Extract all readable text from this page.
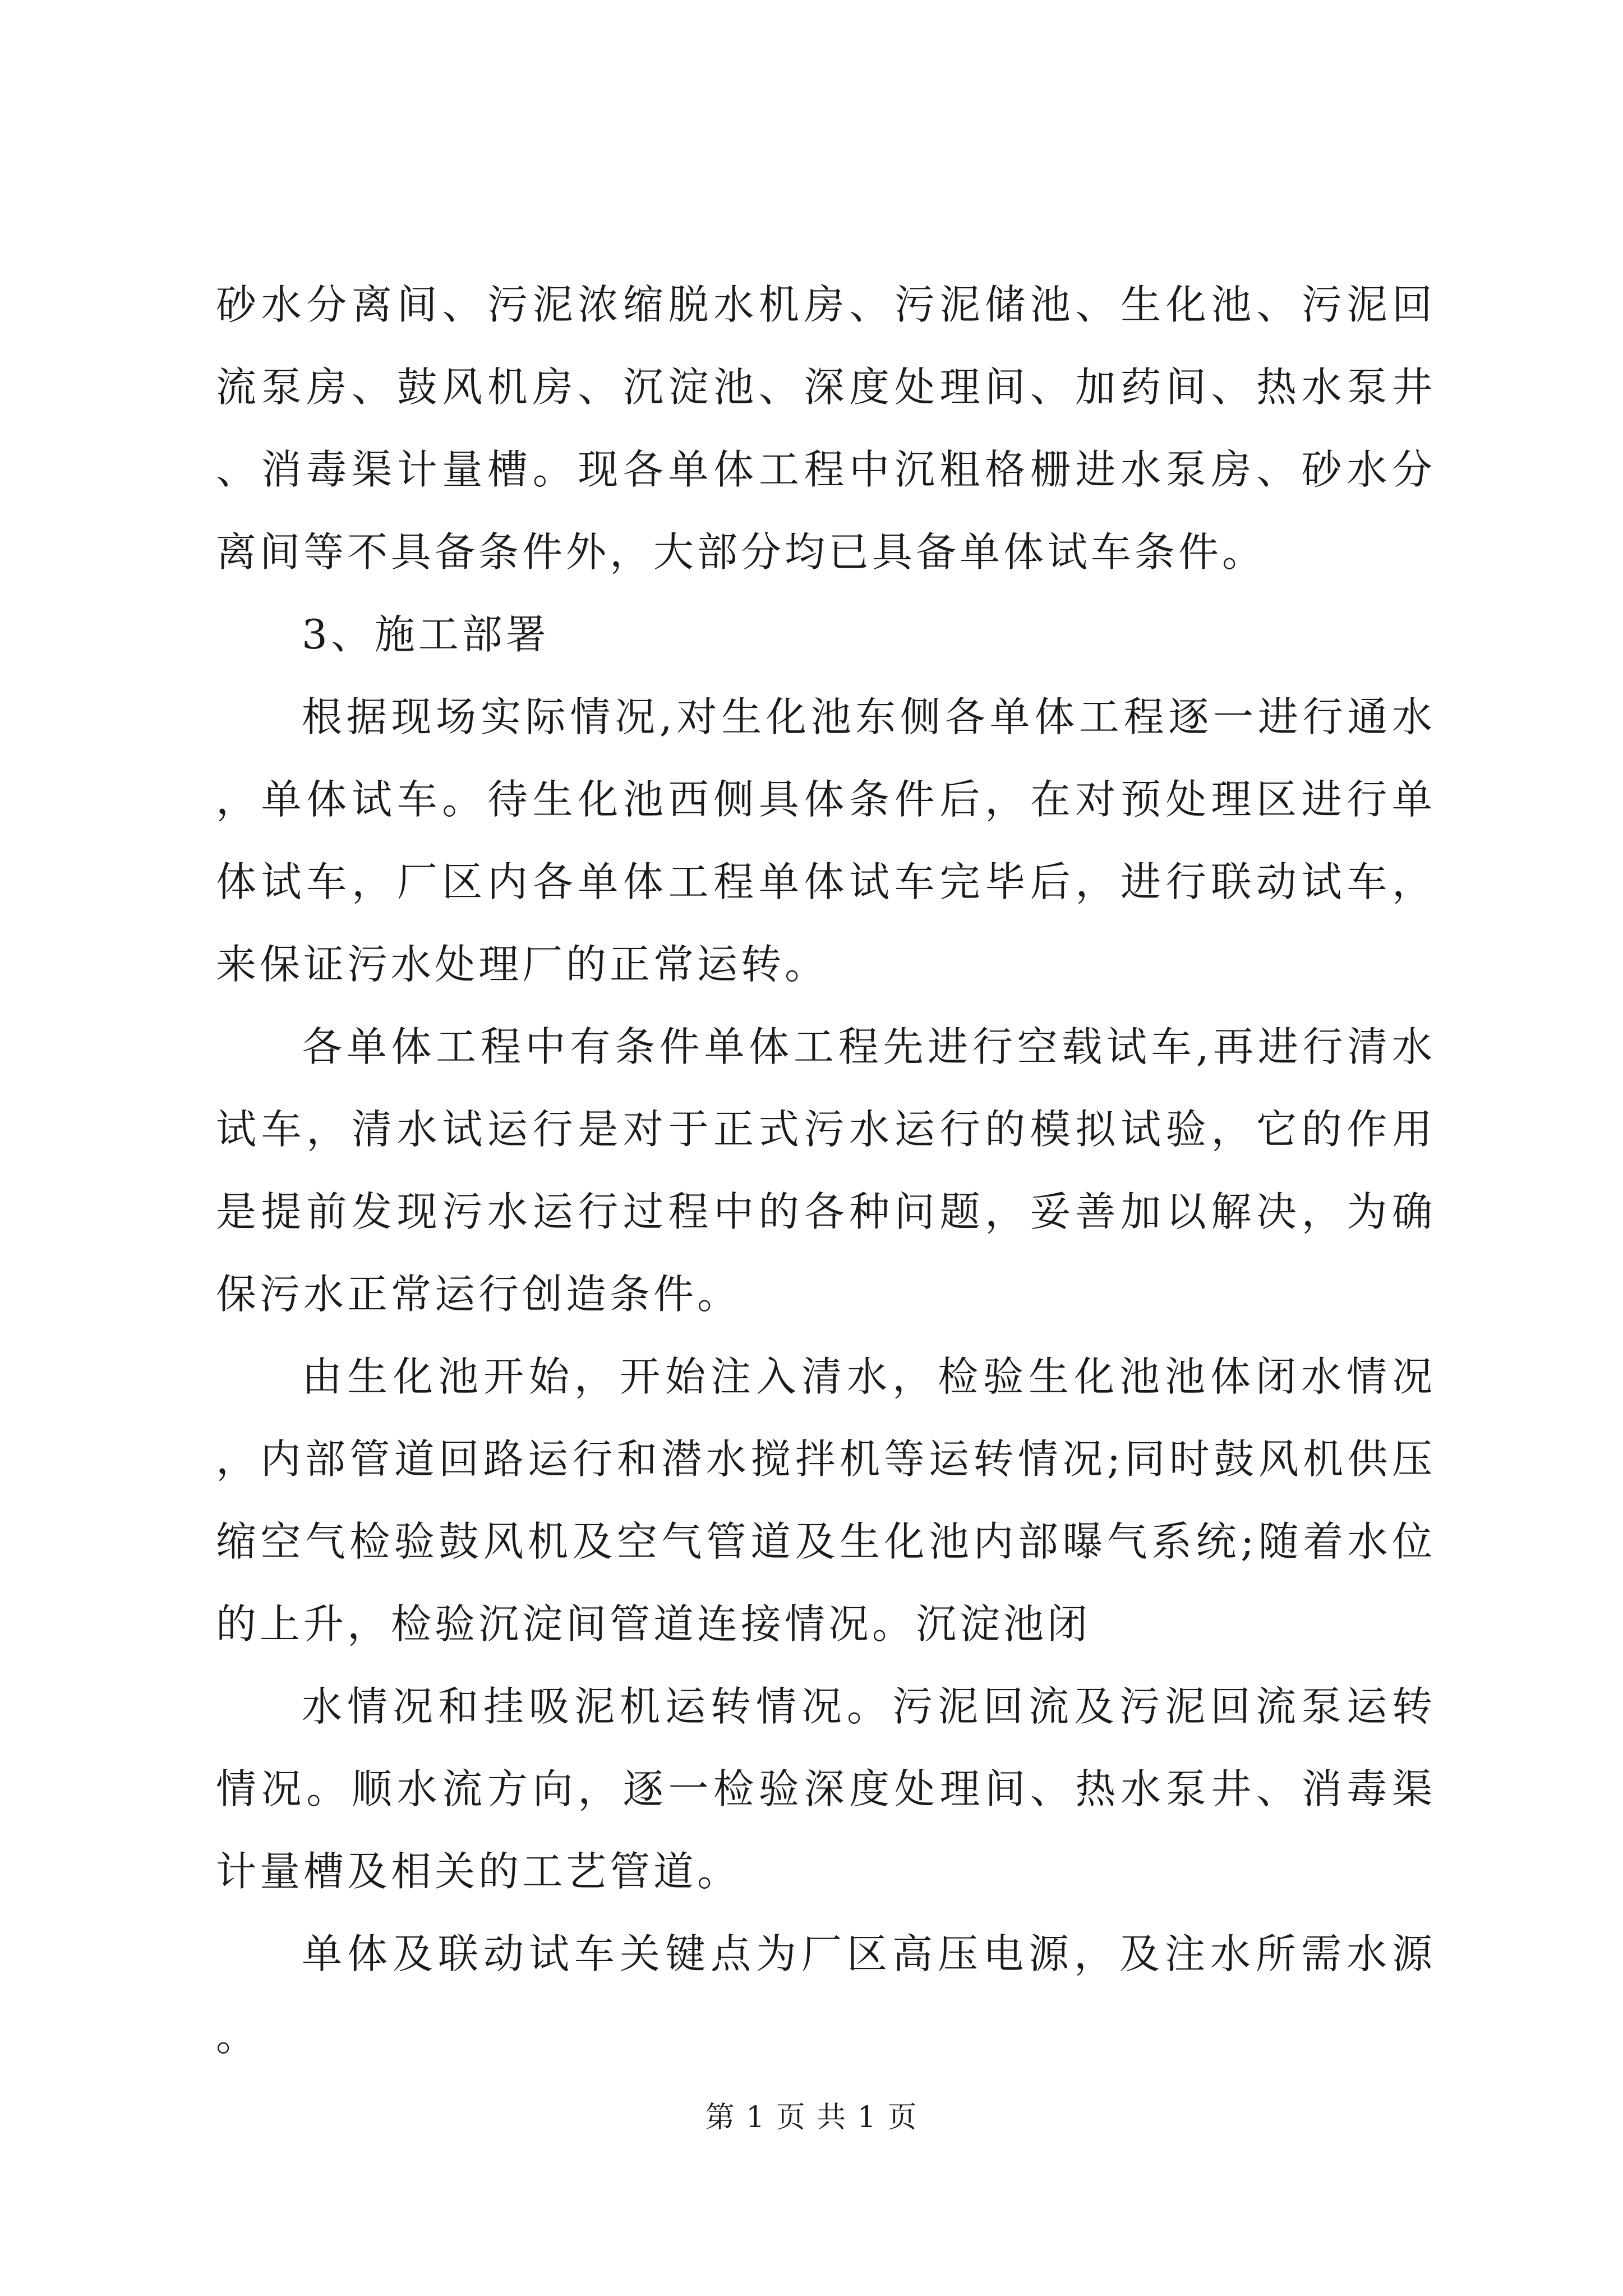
砂水分离间、污泥浓缩脱水机房、污泥储池、生化池、污泥回流泵房、鼓风机房、沉淀池、深度处理间、加药间、热水泵井、消毒渠计量槽。现各单体工程中沉粗格栅进水泵房、砂水分离间等不具备条件外，大部分均已具备单体试车条件。

3、施工部署

根据现场实际情况,对生化池东侧各单体工程逐一进行通水，单体试车。待生化池西侧具体条件后，在对预处理区进行单体试车，厂区内各单体工程单体试车完毕后，进行联动试车，来保证污水处理厂的正常运转。

各单体工程中有条件单体工程先进行空载试车,再进行清水试车，清水试运行是对于正式污水运行的模拟试验，它的作用是提前发现污水运行过程中的各种问题，妥善加以解决，为确保污水正常运行创造条件。

由生化池开始，开始注入清水，检验生化池池体闭水情况，内部管道回路运行和潜水搅拌机等运转情况;同时鼓风机供压缩空气检验鼓风机及空气管道及生化池内部曝气系统;随着水位的上升，检验沉淀间管道连接情况。沉淀池闭

水情况和挂吸泥机运转情况。污泥回流及污泥回流泵运转情况。顺水流方向，逐一检验深度处理间、热水泵井、消毒渠计量槽及相关的工艺管道。

单体及联动试车关键点为厂区高压电源，及注水所需水源。

第 1 页 共 1 页
